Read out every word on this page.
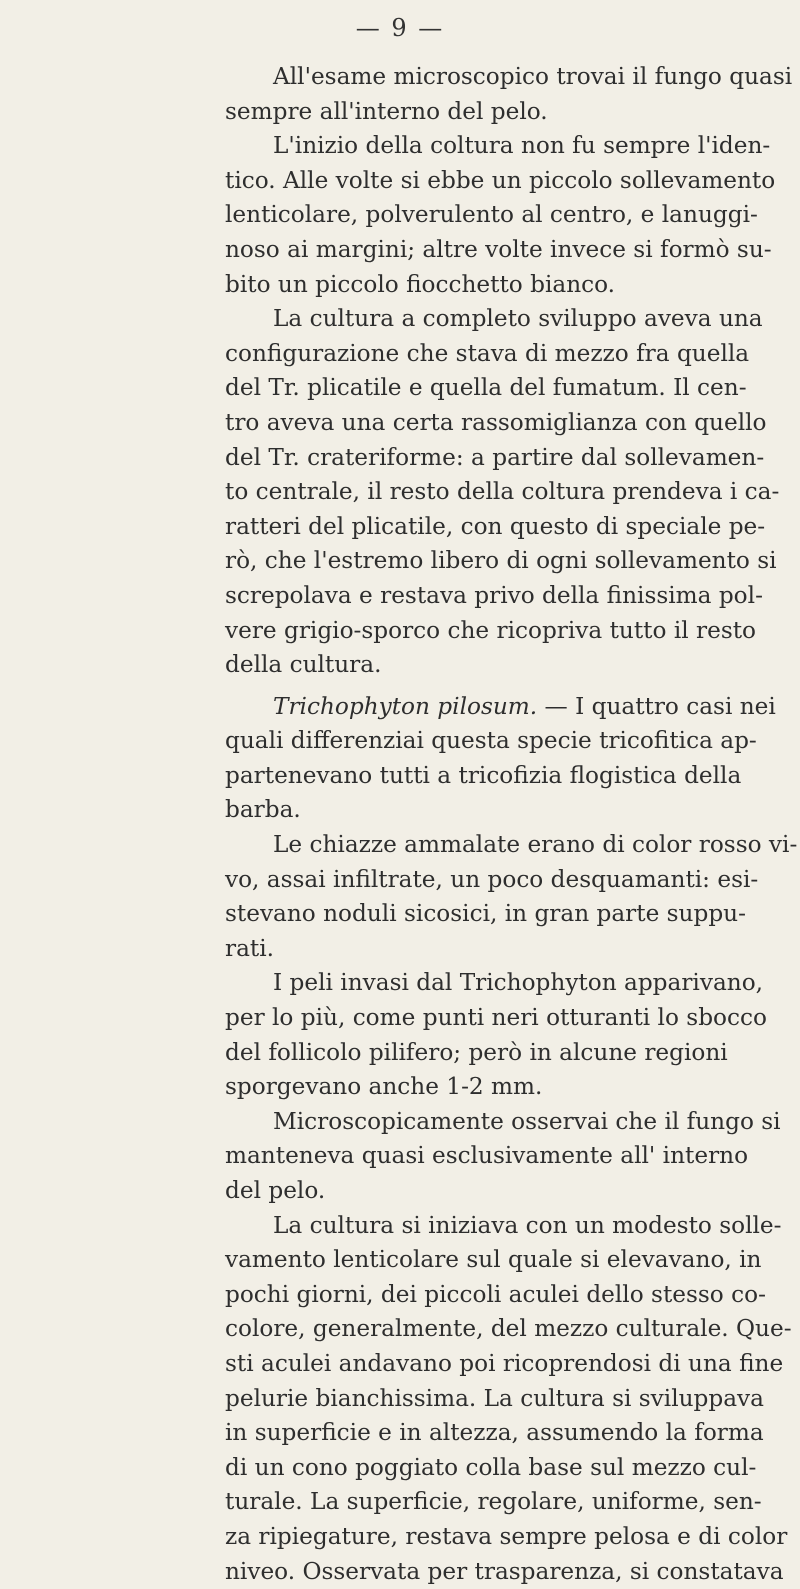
— 9 —
All'esame microscopico trovai il fungo quasi
sempre all'interno del pelo.
L'inizio della coltura non fu sempre l'iden-
tico. Alle volte si ebbe un piccolo sollevamento
lenticolare, polverulento al centro, e lanuggi-
noso ai margini; altre volte invece si formò su-
bito un piccolo fiocchetto bianco.
La cultura a completo sviluppo aveva una
configurazione che stava di mezzo fra quella
del Tr. plicatile e quella del fumatum. Il cen-
tro aveva una certa rassomiglianza con quello
del Tr. crateriforme: a partire dal sollevamen-
to centrale, il resto della coltura prendeva i ca-
ratteri del plicatile, con questo di speciale pe-
rò, che l'estremo libero di ogni sollevamento si
screpolava e restava privo della finissima pol-
vere grigio-sporco che ricopriva tutto il resto
della cultura.
Trichophyton pilosum. — I quattro casi nei
quali differenziai questa specie tricofitica ap-
partenevano tutti a tricofizia flogistica della
barba.
Le chiazze ammalate erano di color rosso vi-
vo, assai infiltrate, un poco desquamanti: esi-
stevano noduli sicosici, in gran parte suppu-
rati.
I peli invasi dal Trichophyton apparivano,
per lo più, come punti neri otturanti lo sbocco
del follicolo pilifero; però in alcune regioni
sporgevano anche 1-2 mm.
Microscopicamente osservai che il fungo si
manteneva quasi esclusivamente all' interno
del pelo.
La cultura si iniziava con un modesto solle-
vamento lenticolare sul quale si elevavano, in
pochi giorni, dei piccoli aculei dello stesso co-
colore, generalmente, del mezzo culturale. Que-
sti aculei andavano poi ricoprendosi di una fine
pelurie bianchissima. La cultura si sviluppava
in superficie e in altezza, assumendo la forma
di un cono poggiato colla base sul mezzo cul-
turale. La superficie, regolare, uniforme, sen-
za ripiegature, restava sempre pelosa e di color
niveo. Osservata per trasparenza, si constatava
